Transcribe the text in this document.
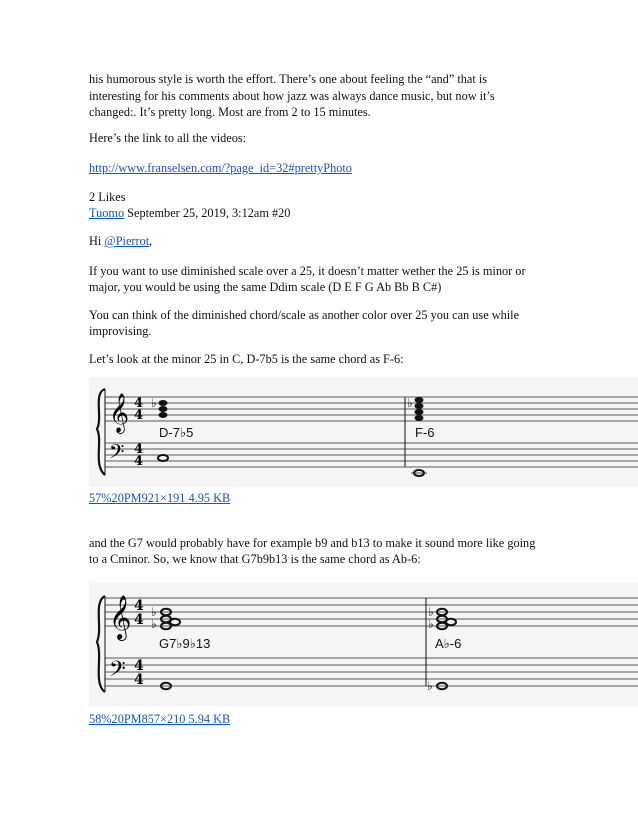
his humorous style is worth the effort. There’s one about feeling the “and” that is
interesting for his comments about how jazz was always dance music, but now it’s
changed:. It’s pretty long. Most are from 2 to 15 minutes.
Here’s the link to all the videos:
http://www.franselsen.com/?page_id=32#prettyPhoto
2 Likes
Tuomo September 25, 2019, 3:12am #20
Hi @Pierrot,
If you want to use diminished scale over a 25, it doesn’t matter wether the 25 is minor or
major, you would be using the same Ddim scale (D E F G Ab Bb B C#)
You can think of the diminished chord/scale as another color over 25 you can use while
improvising.
Let’s look at the minor 25 in C, D-7b5 is the same chord as F-6:
𝄞
𝄢
4
4
4
4
♭
D-7♭5
♭
F-6
57%20PM921×191 4.95 KB
and the G7 would probably have for example b9 and b13 to make it sound more like going
to a Cminor. So, we know that G7b9b13 is the same chord as Ab-6:
𝄞
𝄢
4
4
4
4
♭
♭
G7♭9♭13
♭
♭
A♭-6
♭
58%20PM857×210 5.94 KB
